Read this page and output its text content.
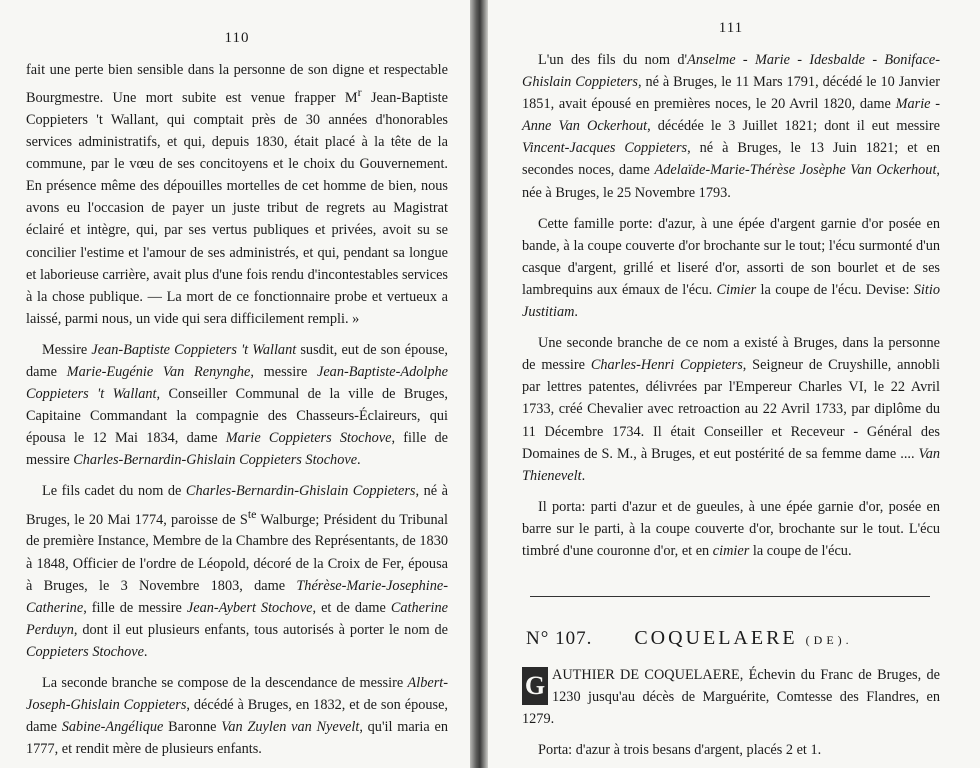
110

fait une perte bien sensible dans la personne de son digne et respectable Bourgmestre. Une mort subite est venue frapper $M^r$ Jean-Baptiste Coppieters 't Wallant, qui comptait près de 30 années d'honorables services administratifs, et qui, depuis 1830, était placé à la tête de la commune, par le vœu de ses concitoyens et le choix du Gouvernement. En présence même des dépouilles mortelles de cet homme de bien, nous avons eu l'occasion de payer un juste tribut de regrets au Magistrat éclairé et intègre, qui, par ses vertus publiques et privées, avoit su se concilier l'estime et l'amour de ses administrés, et qui, pendant sa longue et laborieuse carrière, avait plus d'une fois rendu d'incontestables services à la chose publique. — La mort de ce fonctionnaire probe et vertueux a laissé, parmi nous, un vide qui sera difficilement rempli. »

Messire Jean-Baptiste Coppieters 't Wallant susdit, eut de son épouse, dame Marie-Eugénie Van Renynghe, messire Jean-Baptiste-Adolphe Coppieters 't Wallant, Conseiller Communal de la ville de Bruges, Capitaine Commandant la compagnie des Chasseurs-Éclaireurs, qui épousa le 12 Mai 1834, dame Marie Coppieters Stochove, fille de messire Charles-Bernardin-Ghislain Coppieters Stochove.

Le fils cadet du nom de Charles-Bernardin-Ghislain Coppieters, né à Bruges, le 20 Mai 1774, paroisse de $S^{te}$ Walburge; Président du Tribunal de première Instance, Membre de la Chambre des Représentants, de 1830 à 1848, Officier de l'ordre de Léopold, décoré de la Croix de Fer, épousa à Bruges, le 3 Novembre 1803, dame Thérèse-Marie-Josephine-Catherine, fille de messire Jean-Aybert Stochove, et de dame Catherine Perduyn, dont il eut plusieurs enfants, tous autorisés à porter le nom de Coppieters Stochove.

La seconde branche se compose de la descendance de messire Albert-Joseph-Ghislain Coppieters, décédé à Bruges, en 1832, et de son épouse, dame Sabine-Angélique Baronne Van Zuylen van Nyevelt, qu'il maria en 1777, et rendit mère de plusieurs enfants.

111

L'un des fils du nom d'Anselme - Marie - Idesbalde - Boniface-Ghislain Coppieters, né à Bruges, le 11 Mars 1791, décédé le 10 Janvier 1851, avait épousé en premières noces, le 20 Avril 1820, dame Marie - Anne Van Ockerhout, décédée le 3 Juillet 1821; dont il eut messire Vincent-Jacques Coppieters, né à Bruges, le 13 Juin 1821; et en secondes noces, dame Adelaïde-Marie-Thérèse Josèphe Van Ockerhout, née à Bruges, le 25 Novembre 1793.

Cette famille porte: d'azur, à une épée d'argent garnie d'or posée en bande, à la coupe couverte d'or brochante sur le tout; l'écu surmonté d'un casque d'argent, grillé et liseré d'or, assorti de son bourlet et de ses lambrequins aux émaux de l'écu. Cimier la coupe de l'écu. Devise: Sitio Justitiam.

Une seconde branche de ce nom a existé à Bruges, dans la personne de messire Charles-Henri Coppieters, Seigneur de Cruyshille, annobli par lettres patentes, délivrées par l'Empereur Charles VI, le 22 Avril 1733, créé Chevalier avec retroaction au 22 Avril 1733, par diplôme du 11 Décembre 1734. Il était Conseiller et Receveur - Général des Domaines de S. M., à Bruges, et eut postérité de sa femme dame .... Van Thienevelt.

Il porta: parti d'azur et de gueules, à une épée garnie d'or, posée en barre sur le parti, à la coupe couverte d'or, brochante sur le tout. L'écu timbré d'une couronne d'or, et en cimier la coupe de l'écu.

N° 107. COQUELAERE (DE).

G AUTHIER DE COQUELAERE, Échevin du Franc de Bruges, de 1230 jusqu'au décès de Marguérite, Comtesse des Flandres, en 1279.

Porta: d'azur à trois besans d'argent, placés 2 et 1.
